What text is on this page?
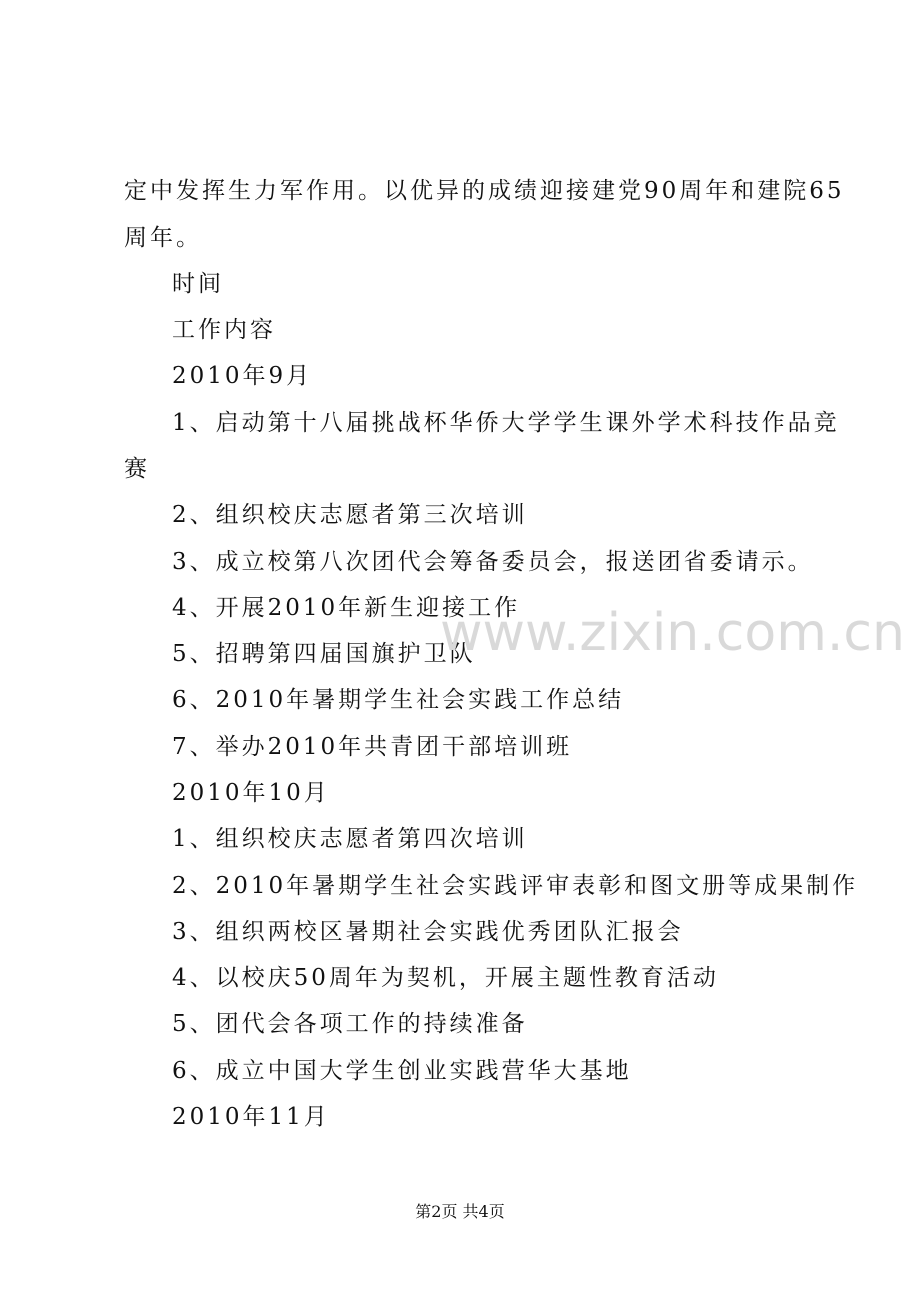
定中发挥生力军作用。以优异的成绩迎接建党90周年和建院65
周年。
时间
工作内容
2010年9月
1、启动第十八届挑战杯华侨大学学生课外学术科技作品竞
赛
2、组织校庆志愿者第三次培训
3、成立校第八次团代会筹备委员会，报送团省委请示。
4、开展2010年新生迎接工作
5、招聘第四届国旗护卫队
6、2010年暑期学生社会实践工作总结
7、举办2010年共青团干部培训班
2010年10月
1、组织校庆志愿者第四次培训
2、2010年暑期学生社会实践评审表彰和图文册等成果制作
3、组织两校区暑期社会实践优秀团队汇报会
4、以校庆50周年为契机，开展主题性教育活动
5、团代会各项工作的持续准备
6、成立中国大学生创业实践营华大基地
2010年11月
www.zixin.com.cn
第2页 共4页
